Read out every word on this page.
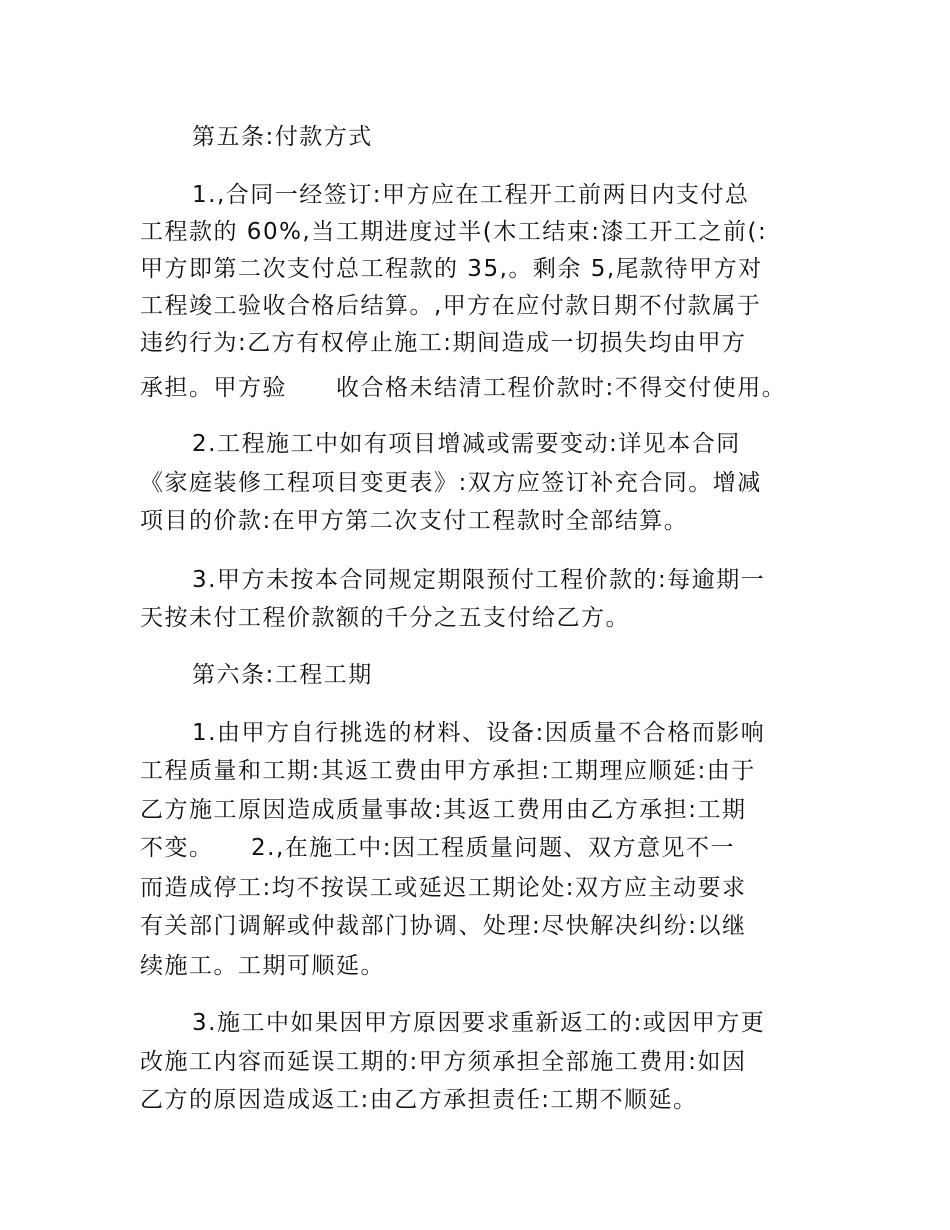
第五条:付款方式

1.,合同一经签订:甲方应在工程开工前两日内支付总

工程款的 60%,当工期进度过半(木工结束:漆工开工之前(:

甲方即第二次支付总工程款的 35,。剩余 5,尾款待甲方对

工程竣工验收合格后结算。,甲方在应付款日期不付款属于

违约行为:乙方有权停止施工:期间造成一切损失均由甲方

承担。甲方验　　收合格未结清工程价款时:不得交付使用。

2.工程施工中如有项目增减或需要变动:详见本合同

《家庭装修工程项目变更表》:双方应签订补充合同。增减

项目的价款:在甲方第二次支付工程款时全部结算。

3.甲方未按本合同规定期限预付工程价款的:每逾期一

天按未付工程价款额的千分之五支付给乙方。

第六条:工程工期

1.由甲方自行挑选的材料、设备:因质量不合格而影响

工程质量和工期:其返工费由甲方承担:工期理应顺延:由于

乙方施工原因造成质量事故:其返工费用由乙方承担:工期

不变。　　2.,在施工中:因工程质量问题、双方意见不一

而造成停工:均不按误工或延迟工期论处:双方应主动要求

有关部门调解或仲裁部门协调、处理:尽快解决纠纷:以继

续施工。工期可顺延。

3.施工中如果因甲方原因要求重新返工的:或因甲方更

改施工内容而延误工期的:甲方须承担全部施工费用:如因

乙方的原因造成返工:由乙方承担责任:工期不顺延。
